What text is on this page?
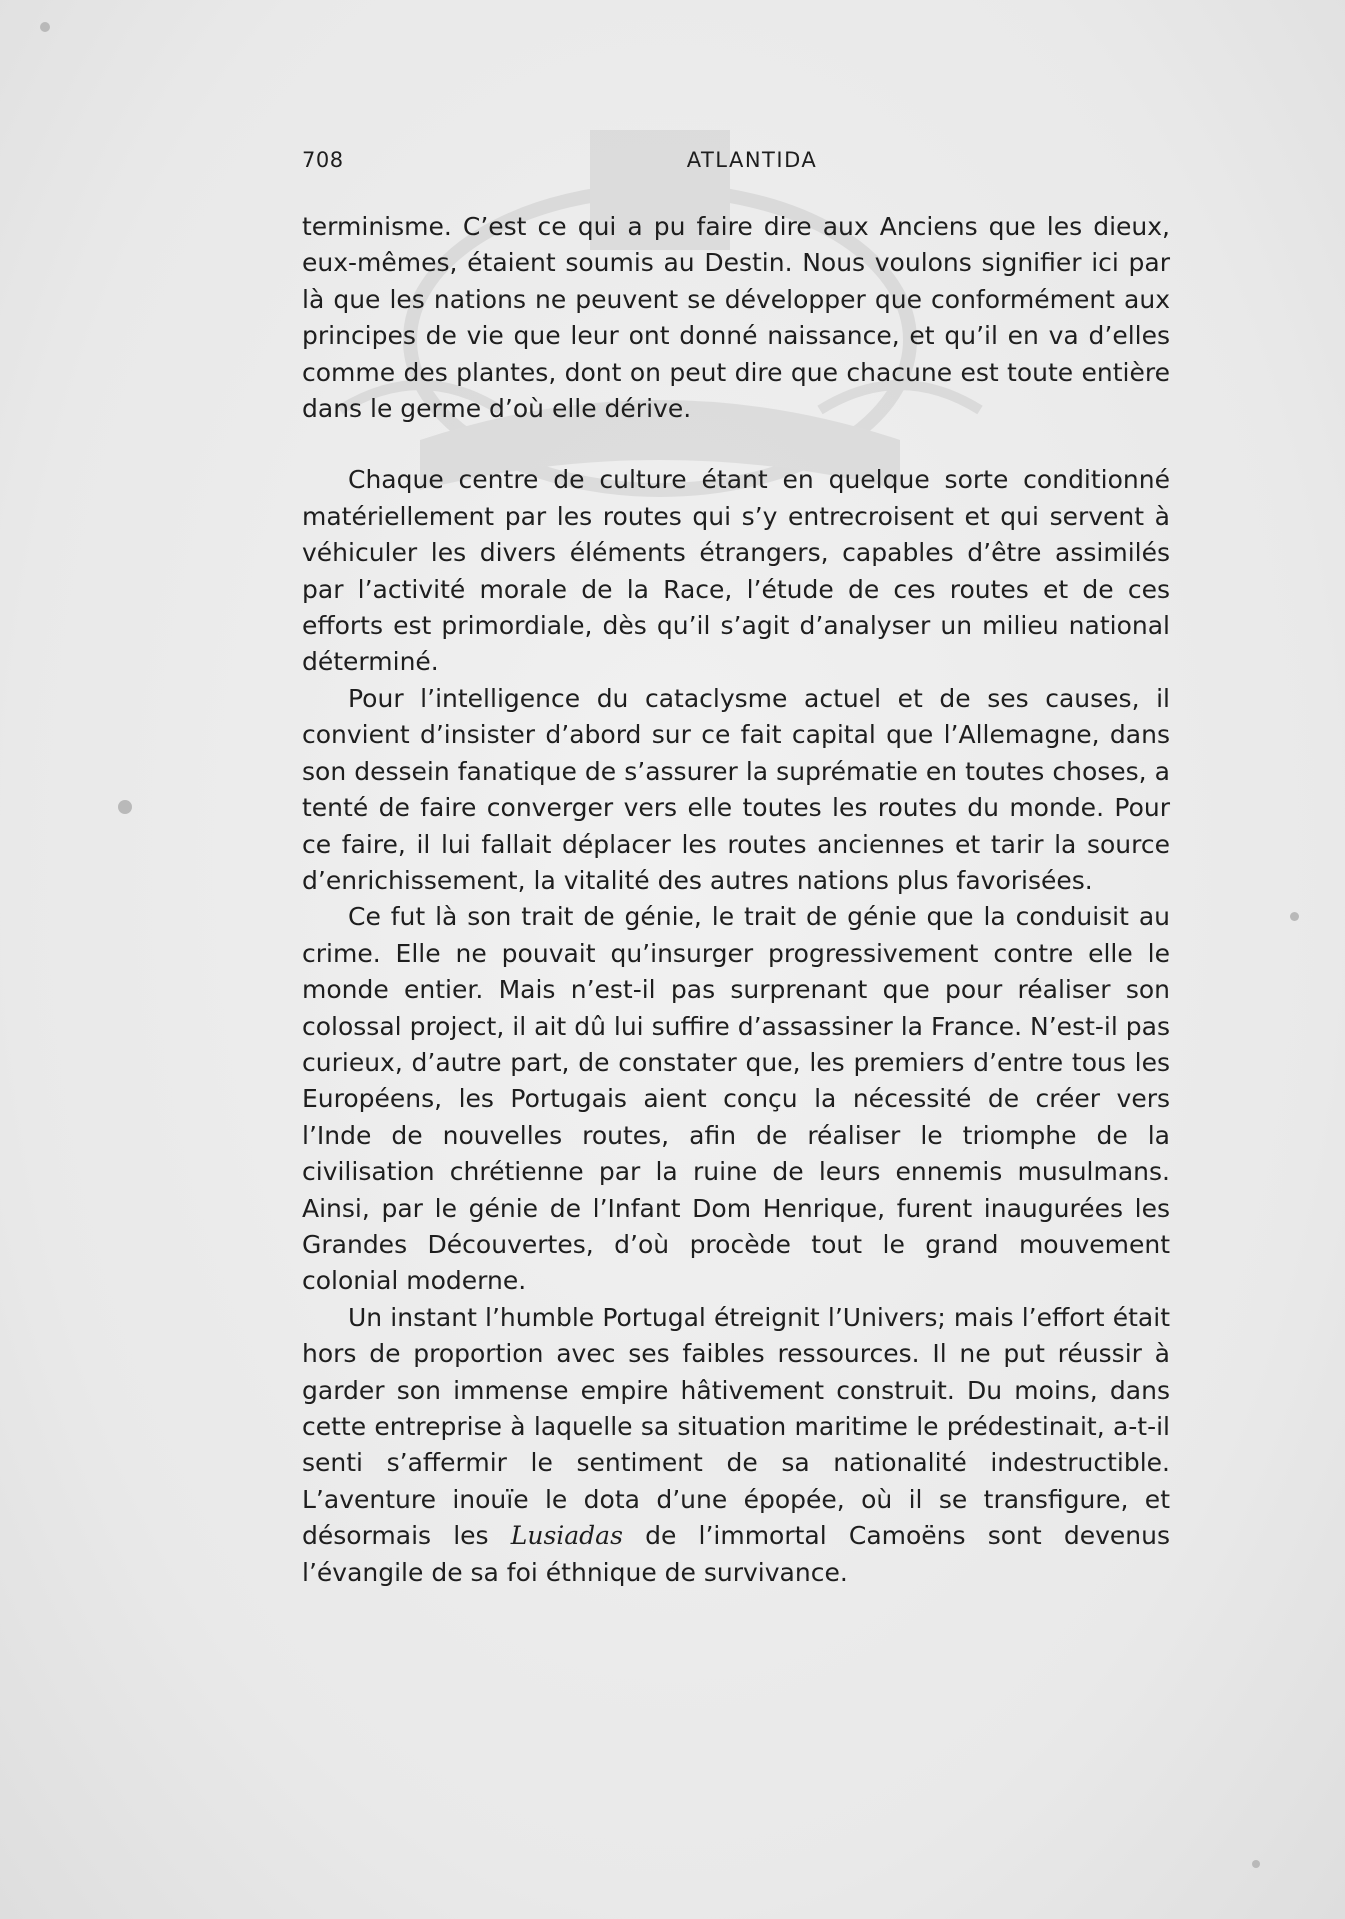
708	ATLANTIDA

terminisme. C’est ce qui a pu faire dire aux Anciens que les dieux, eux-mêmes, étaient soumis au Destin. Nous voulons signifier ici par là que les nations ne peuvent se développer que conformément aux principes de vie que leur ont donné naissance, et qu’il en va d’elles comme des plantes, dont on peut dire que chacune est toute entière dans le germe d’où elle dérive.

Chaque centre de culture étant en quelque sorte conditionné matériellement par les routes qui s’y entrecroisent et qui servent à véhiculer les divers éléments étrangers, capables d’être assimilés par l’activité morale de la Race, l’étude de ces routes et de ces efforts est primordiale, dès qu’il s’agit d’analyser un milieu national déterminé.

Pour l’intelligence du cataclysme actuel et de ses causes, il convient d’insister d’abord sur ce fait capital que l’Allemagne, dans son dessein fanatique de s’assurer la suprématie en toutes choses, a tenté de faire converger vers elle toutes les routes du monde. Pour ce faire, il lui fallait déplacer les routes anciennes et tarir la source d’enrichissement, la vitalité des autres nations plus favorisées.

Ce fut là son trait de génie, le trait de génie que la conduisit au crime. Elle ne pouvait qu’insurger progressivement contre elle le monde entier. Mais n’est-il pas surprenant que pour réaliser son colossal project, il ait dû lui suffire d’assassiner la France. N’est-il pas curieux, d’autre part, de constater que, les premiers d’entre tous les Européens, les Portugais aient conçu la nécessité de créer vers l’Inde de nouvelles routes, afin de réaliser le triomphe de la civilisation chrétienne par la ruine de leurs ennemis musulmans. Ainsi, par le génie de l’Infant Dom Henrique, furent inaugurées les Grandes Découvertes, d’où procède tout le grand mouvement colonial moderne.

Un instant l’humble Portugal étreignit l’Univers; mais l’effort était hors de proportion avec ses faibles ressources. Il ne put réussir à garder son immense empire hâtivement construit. Du moins, dans cette entreprise à laquelle sa situation maritime le prédestinait, a-t-il senti s’affermir le sentiment de sa nationalité indestructible. L’aventure inouïe le dota d’une épopée, où il se transfigure, et désormais les Lusiadas de l’immortal Camoëns sont devenus l’évangile de sa foi éthnique de survivance.
